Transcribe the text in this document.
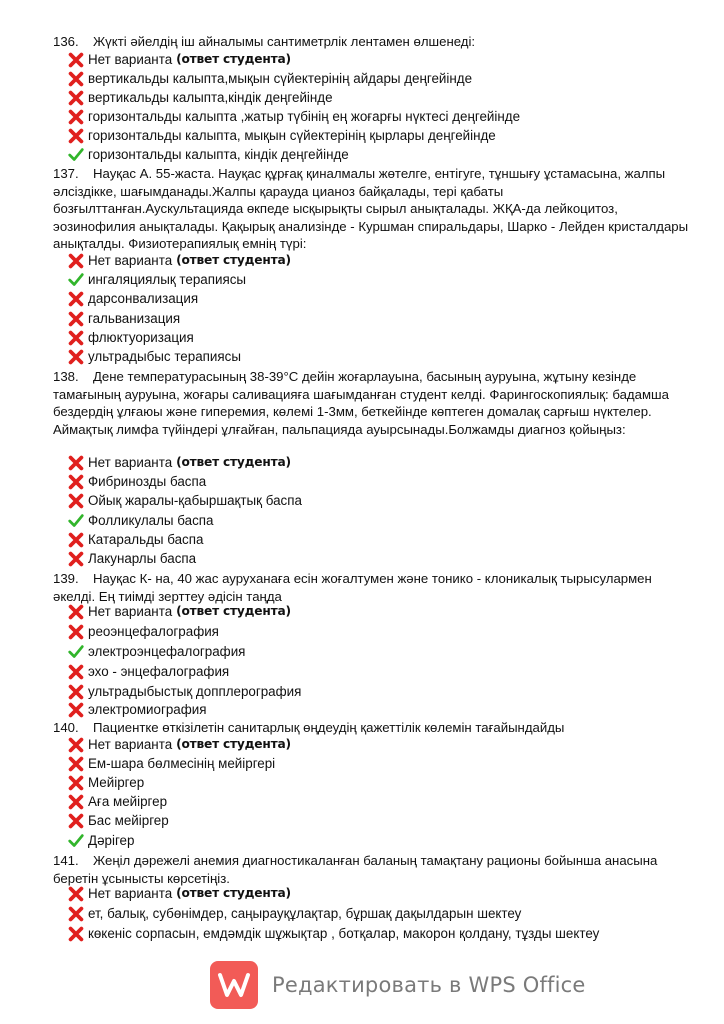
136. Жүкті әйелдің іш айналымы сантиметрлік лентамен өлшенеді:
Нет варианта (ответ студента)
вертикальды калыпта,мықын сүйектерінің айдары деңгейінде
вертикальды калыпта,кіндік деңгейінде
горизонтальды калыпта ,жатыр түбінің ең жоғарғы нүктесі деңгейінде
горизонтальды калыпта, мықын сүйектерінің қырлары деңгейінде
горизонтальды калыпта, кіндік деңгейінде
137. Науқас А. 55-жаста. Науқас құрғақ қиналмалы жөтелге, ентігуге, тұншығу ұстамасына, жалпы әлсіздікке, шағымданады.Жалпы қарауда цианоз байқалады, тері қабаты бозғылттанған.Аускультацияда өкпеде ысқырықты сырыл анықталады. ЖҚА-да лейкоцитоз, эозинофилия анықталады. Қақырық анализінде - Куршман спиральдары, Шарко - Лейден кристалдары анықталды. Физиотерапиялық емнің түрі:
Нет варианта (ответ студента)
ингаляциялық терапиясы
дарсонвализация
гальванизация
флюктуоризация
ультрадыбыс терапиясы
138. Дене температурасының 38-39°С дейін жоғарлауына, басының ауруына, жұтыну кезінде тамағының ауруына, жоғары саливацияға шағымданған студент келді. Фарингоскопиялық: бадамша бездердің ұлғаюы және гиперемия, көлемі 1-3мм, беткейінде көптеген домалақ сарғыш нүктелер. Аймақтық лимфа түйіндері ұлғайған, пальпацияда ауырсынады.Болжамды диагноз қойыңыз:
Нет варианта (ответ студента)
Фибринозды баспа
Ойық жаралы-қабыршақтық баспа
Фолликулалы баспа
Катаральды баспа
Лакунарлы баспа
139. Науқас К- на, 40 жас ауруханаға есін жоғалтумен және тонико - клоникалық тырысулармен әкелді. Ең тиімді зерттеу әдісін таңда
Нет варианта (ответ студента)
реоэнцефалография
электроэнцефалография
эхо - энцефалография
ультрадыбыстық допплерография
электромиография
140. Пациентке өткізілетін санитарлық өңдеудің қажеттілік көлемін тағайындайды
Нет варианта (ответ студента)
Ем-шара бөлмесінің мейіргері
Мейіргер
Аға мейіргер
Бас мейіргер
Дәрігер
141. Жеңіл дәрежелі анемия диагностикаланған баланың тамақтану рационы бойынша анасына беретін ұсынысты көрсетіңіз.
Нет варианта (ответ студента)
ет, балық, субөнімдер, саңырауқұлақтар, бұршақ дақылдарын шектеу
көкеніс сорпасын, емдәмдік шұжықтар , ботқалар, макорон қолдану, тұзды шектеу
Редактировать в WPS Office
